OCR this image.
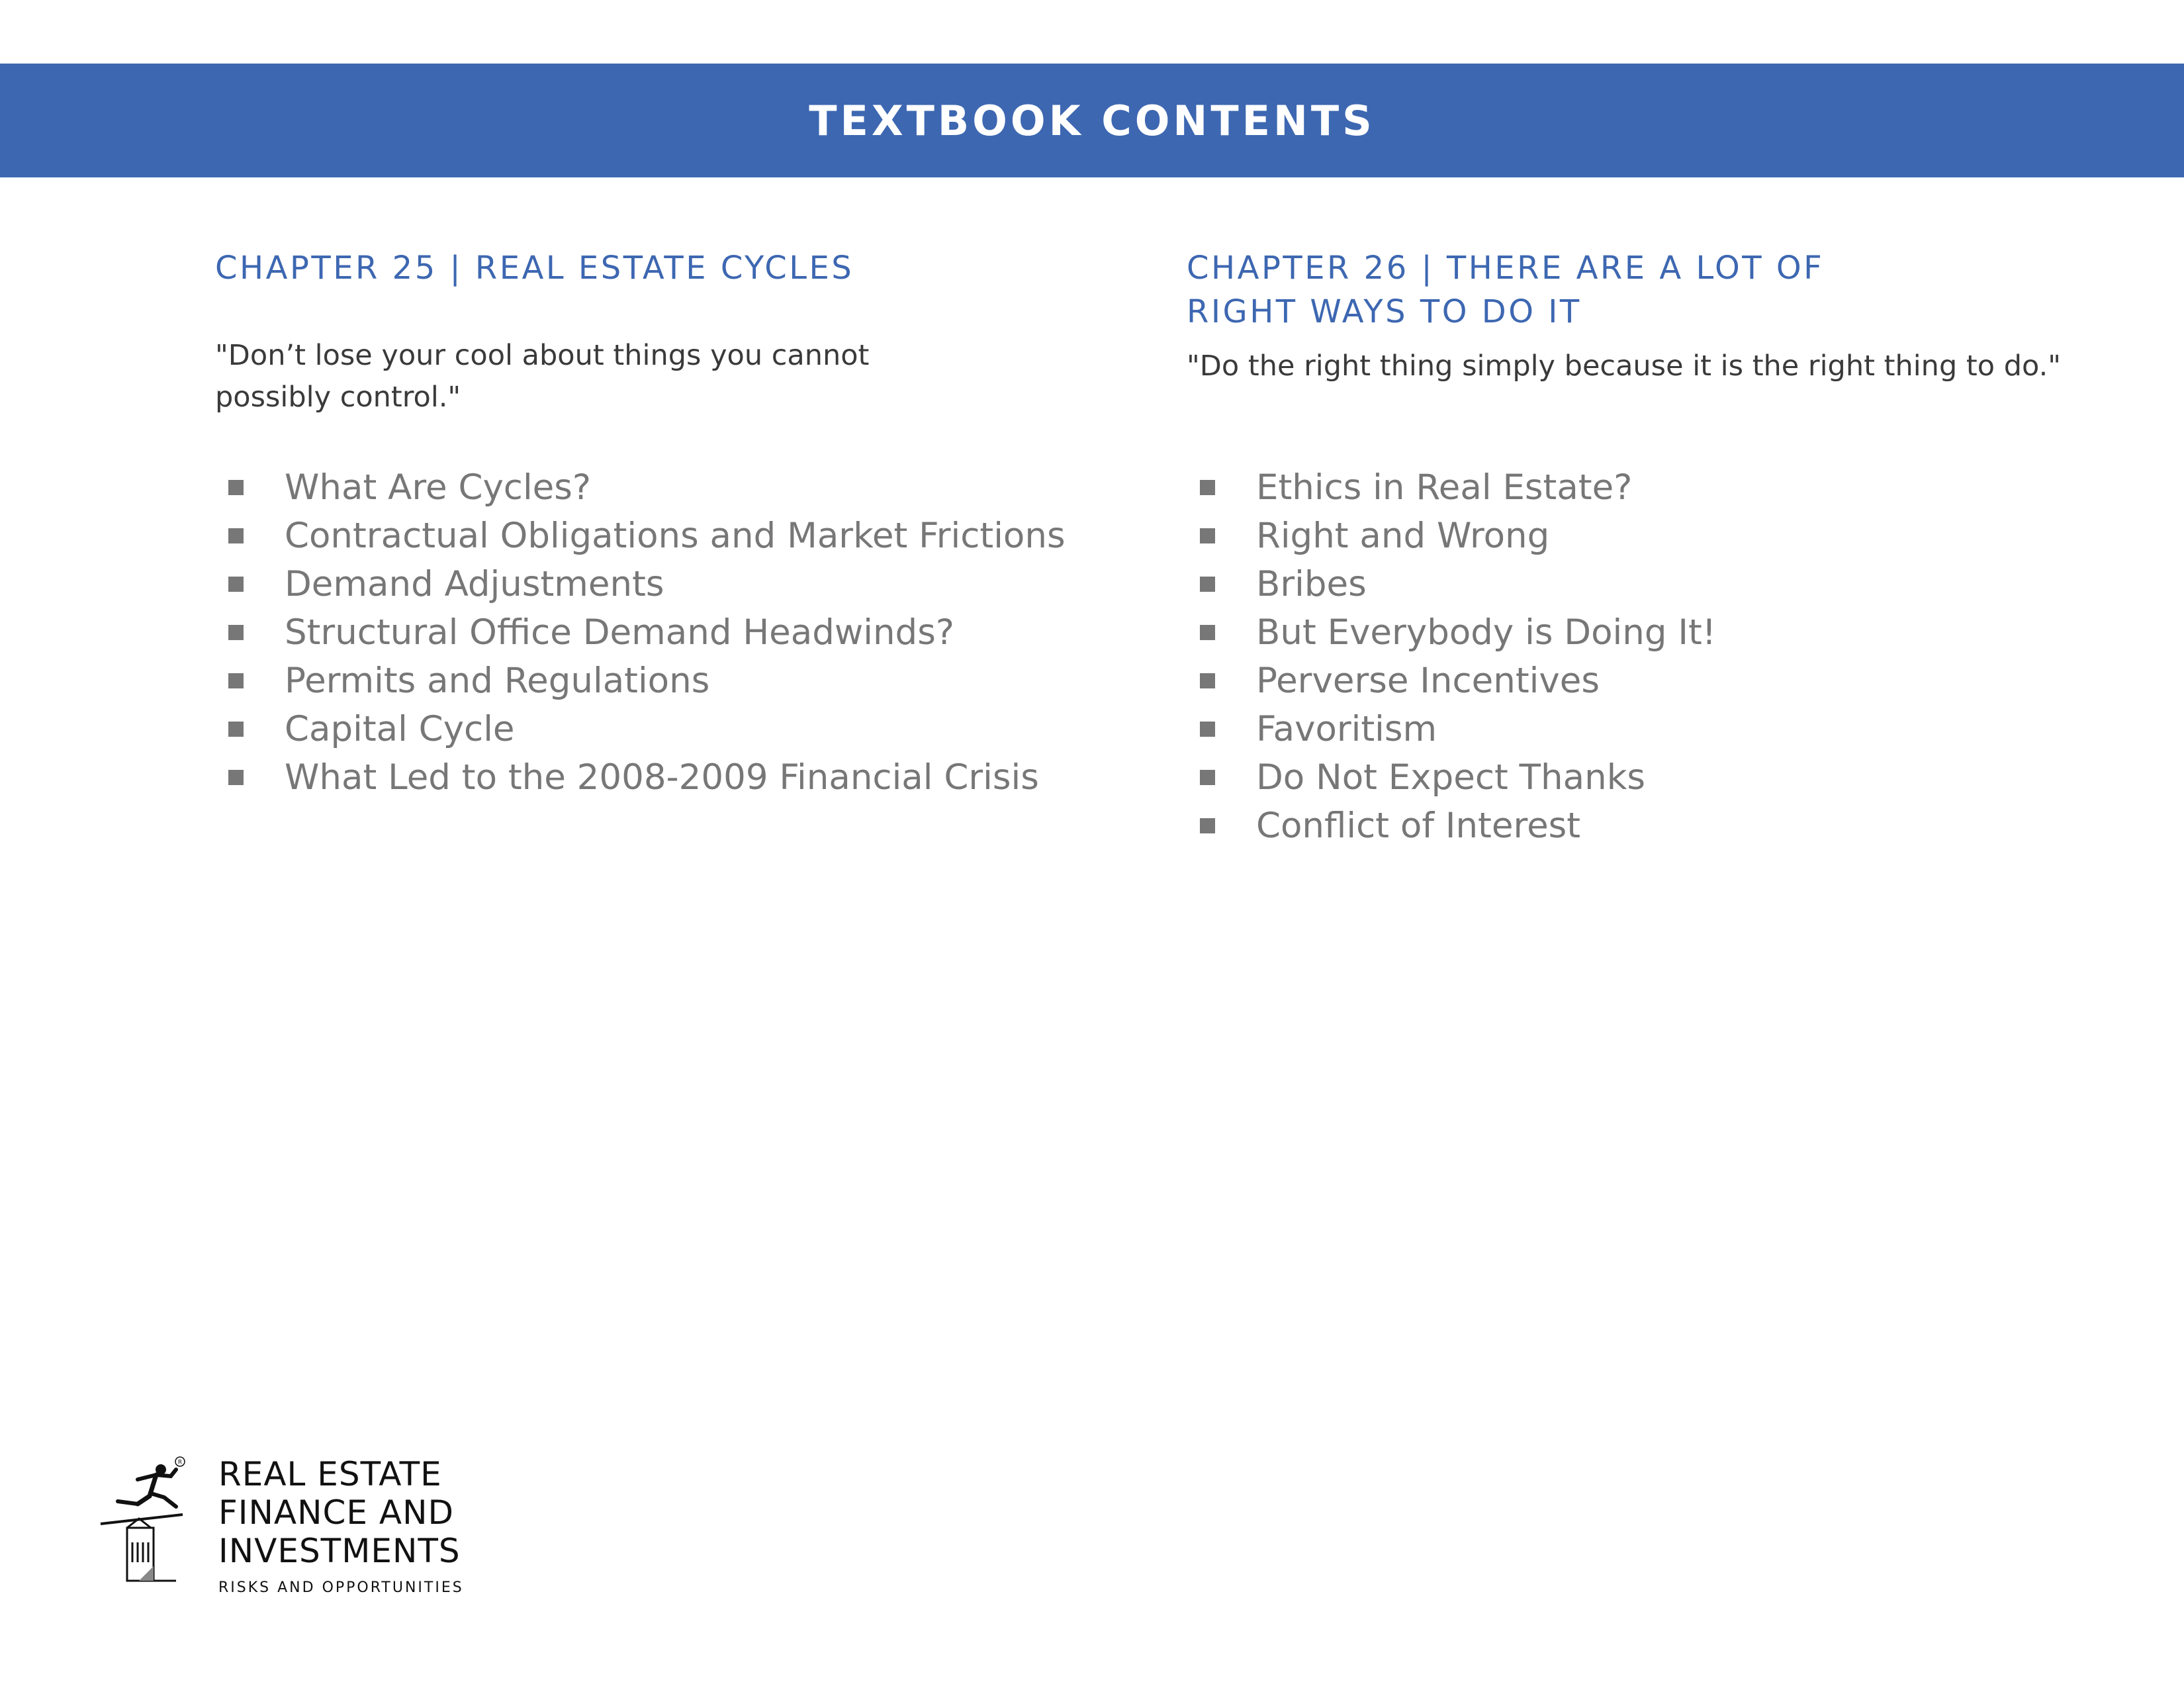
TEXTBOOK CONTENTS
CHAPTER 25 | REAL ESTATE CYCLES

"Don’t lose your cool about things you cannot
possibly control."

What Are Cycles?
Contractual Obligations and Market Frictions
Demand Adjustments
Structural Office Demand Headwinds?
Permits and Regulations
Capital Cycle
What Led to the 2008-2009 Financial Crisis
CHAPTER 26 | THERE ARE A LOT OF
RIGHT WAYS TO DO IT

"Do the right thing simply because it is the right thing to do."

Ethics in Real Estate?
Right and Wrong
Bribes
But Everybody is Doing It!
Perverse Incentives
Favoritism
Do Not Expect Thanks
Conflict of Interest
R REAL ESTATE
FINANCE AND
INVESTMENTS
RISKS AND OPPORTUNITIES
